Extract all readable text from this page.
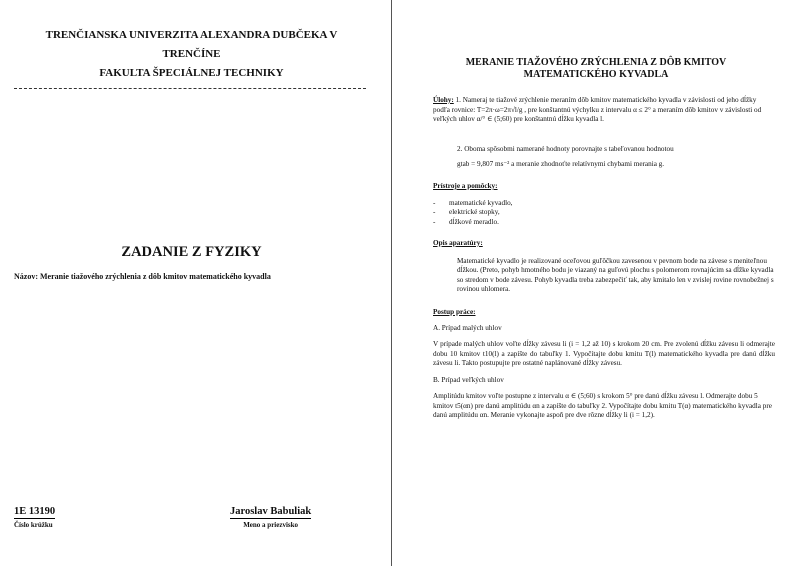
TRENČIANSKA UNIVERZITA ALEXANDRA DUBČEKA V
TRENČÍNE
FAKULTA ŠPECIÁLNEJ TECHNIKY
ZADANIE Z FYZIKY
Názov: Meranie tiažového zrýchlenia z dôb kmitov matematického kyvadla
1E 13190
Číslo krúžku
Jaroslav Babuliak
Meno a priezvisko
MERANIE TIAŽOVÉHO ZRÝCHLENIA Z DÔB KMITOV
MATEMATICKÉHO KYVADLA
Úlohy: 1. Nameraj te tiažové zrýchlenie meraním dôb kmitov matematického kyvadla v závislosti od jeho dĺžky podľa rovnice: T=2π·ω=2π√l/g , pre konštantnú výchylku z intervalu α ≤ 2° a meraním dôb kmitov v závislosti od veľkých uhlov α/° ∈ (5;60) pre konštantnú dĺžku kyvadla l.
2. Oboma spôsobmi namerané hodnoty porovnajte s tabeľovanou hodnotou
gtab = 9,807 ms⁻² a meranie zhodnoťte relatívnymi chybami merania g.
Prístroje a pomôcky:
- matematické kyvadlo,
- elektrické stopky,
- dĺžkové meradlo.
Opis aparatúry:
Matematické kyvadlo je realizované oceľovou guľôčkou zavesenou v pevnom bode na závese s meniteľnou dĺžkou. (Preto, pohyb hmotného bodu je viazaný na guľovú plochu s polomerom rovnajúcim sa dĺžke kyvadla so stredom v bode závesu. Pohyb kyvadla treba zabezpečiť tak, aby kmitalo len v zvislej rovine rovnobežnej s rovinou uhlomera.
Postup práce:
A. Prípad malých uhlov
V prípade malých uhlov voľte dĺžky závesu li (i = 1,2 až 10) s krokom 20 cm. Pre zvolenú dĺžku závesu li odmerajte dobu 10 kmitov t10(l) a zapíšte do tabuľky 1. Vypočítajte dobu kmitu T(l) matematického kyvadla pre danú dĺžku závesu li. Takto postupujte pre ostatné naplánované dĺžky závesu.
B. Prípad veľkých uhlov
Amplitúdu kmitov voľte postupne z intervalu α ∈ (5;60) s krokom 5° pre danú dĺžku závesu l. Odmerajte dobu 5 kmitov t5(αn) pre danú amplitúdu αn a zapíšte do tabuľky 2. Vypočítajte dobu kmitu T(α) matematického kyvadla pre danú amplitúdu αn. Meranie vykonajte aspoň pre dve rôzne dĺžky li (i = 1,2).
